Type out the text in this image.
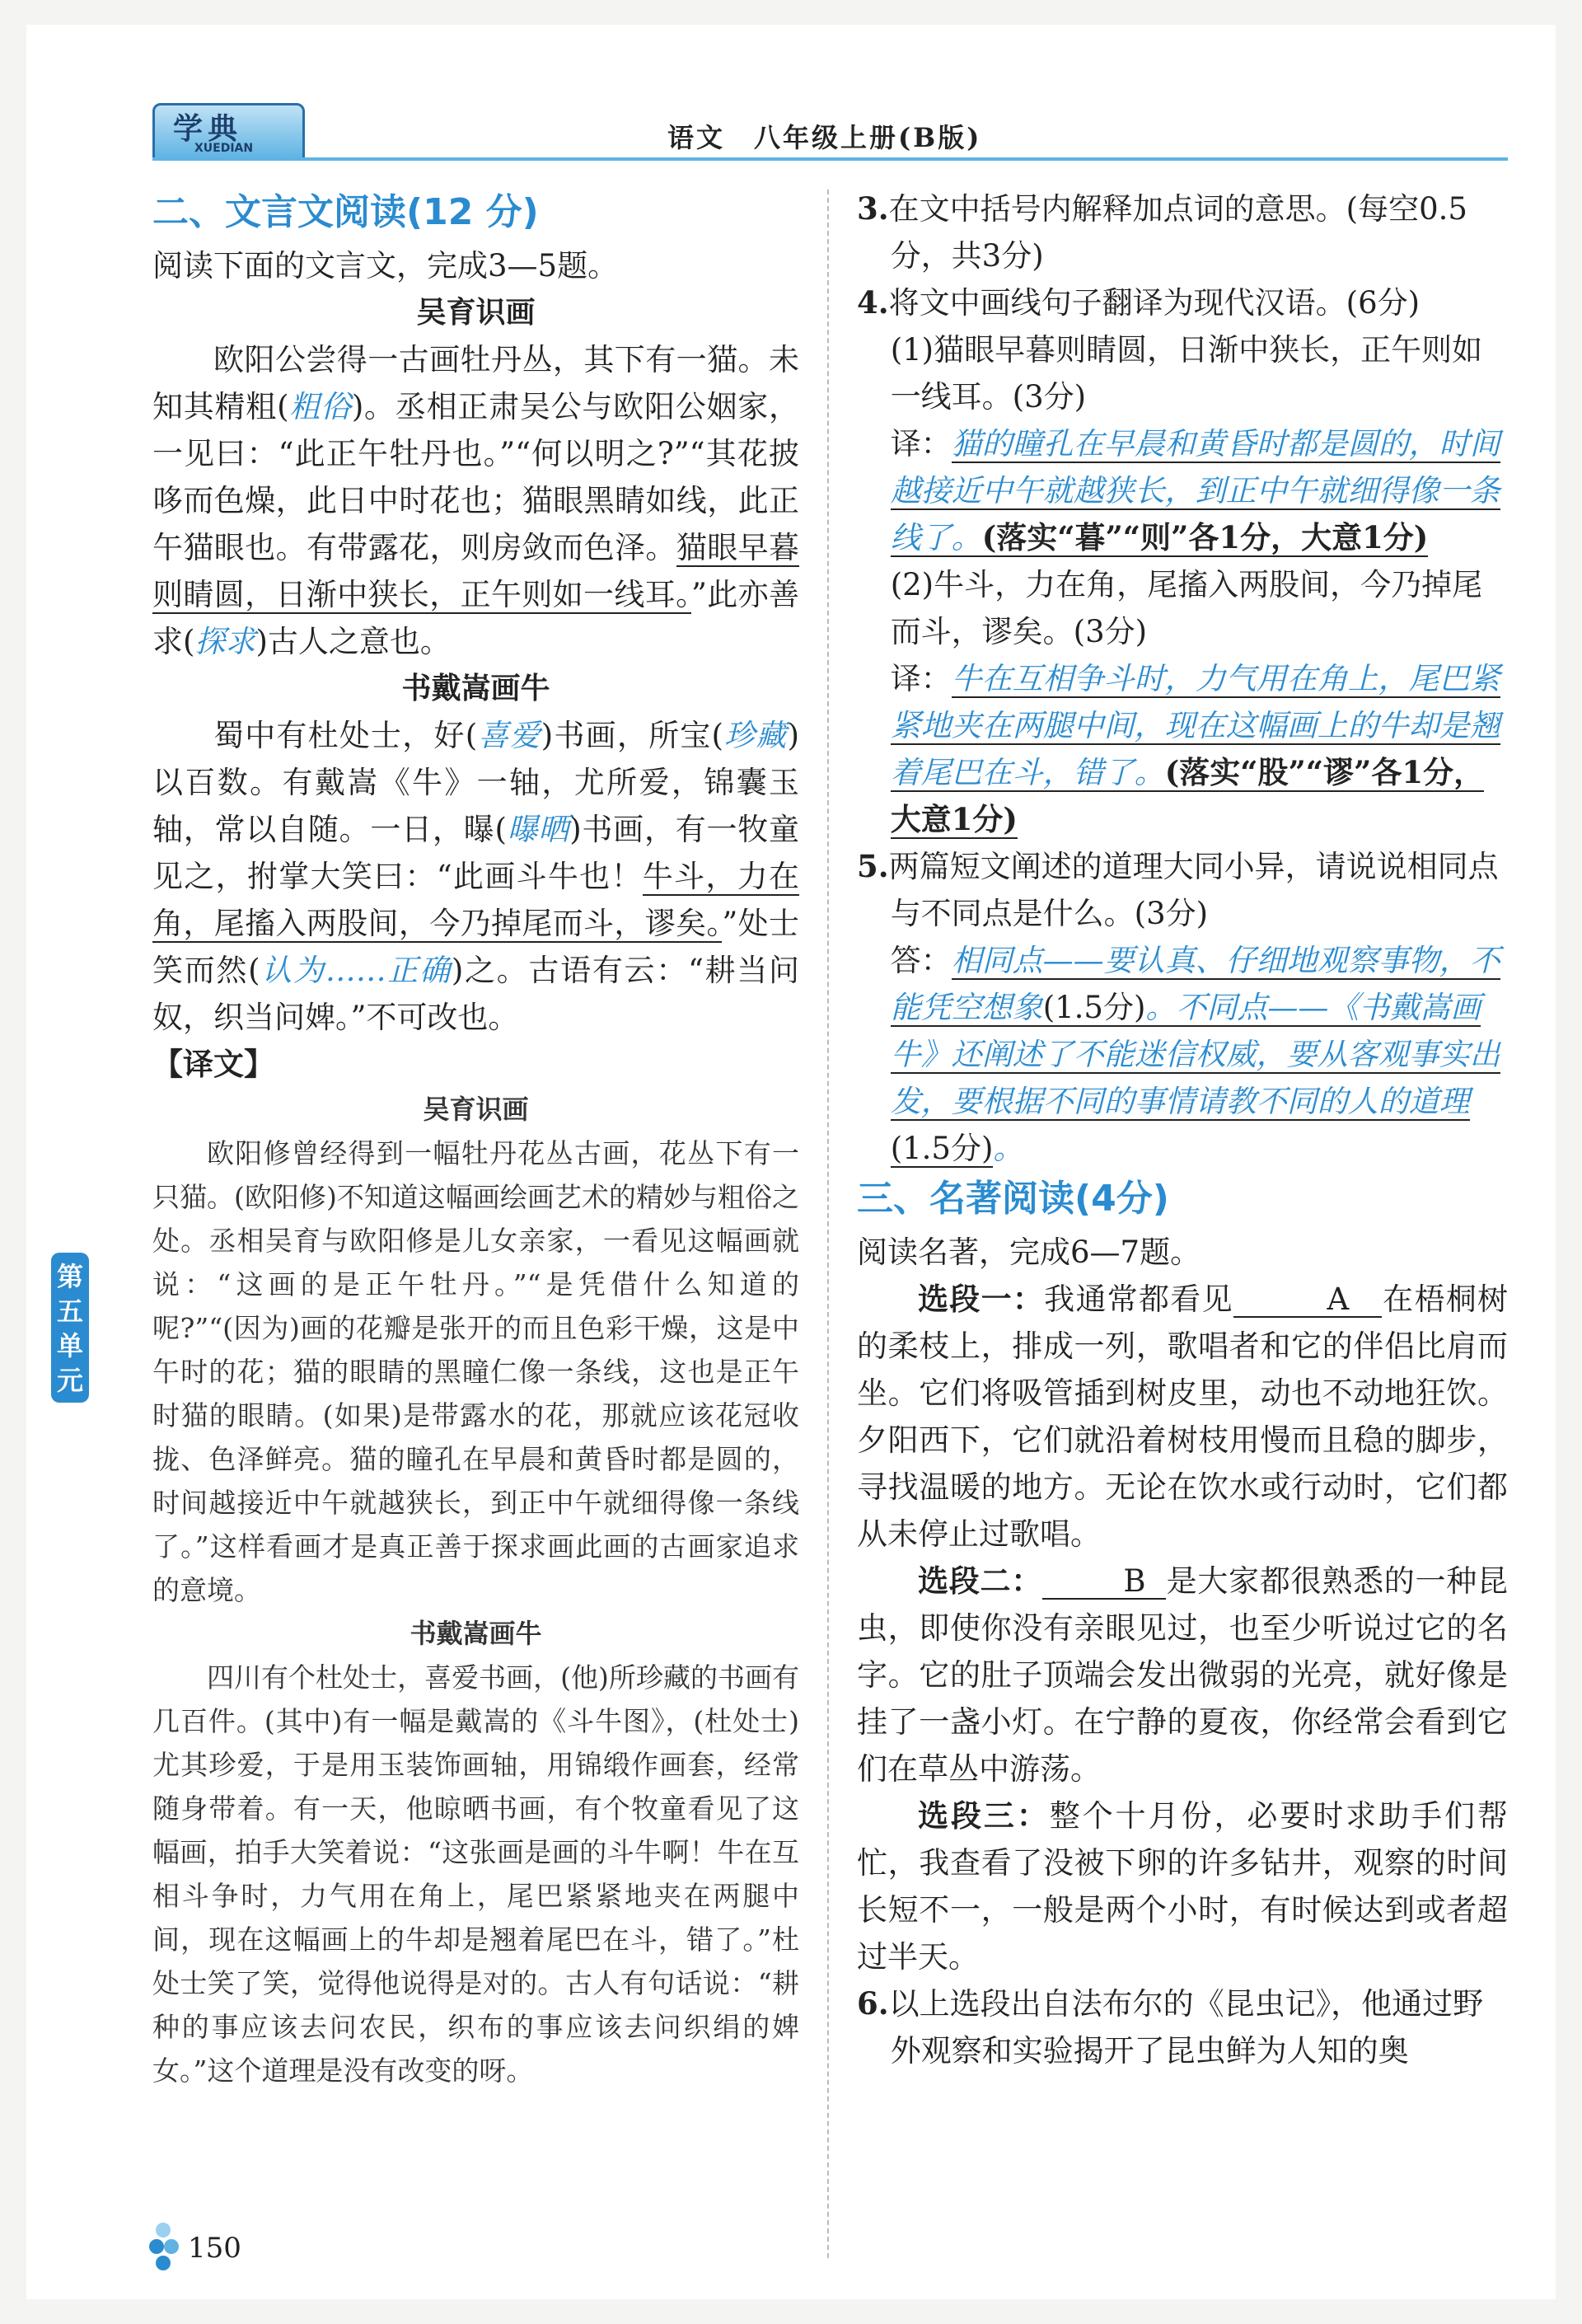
学典
XUEDIAN	语文　八年级上册(B版)
二、文言文阅读(12 分)

阅读下面的文言文，完成3—5题。

吴育识画

欧阳公尝得一古画牡丹丛，其下有一猫。未知其精粗(粗俗)。丞相正肃吴公与欧阳公姻家，一见曰：“此正午牡丹也。”“何以明之?”“其花披哆而色燥，此日中时花也；猫眼黑睛如线，此正午猫眼也。有带露花，则房敛而色泽。猫眼早暮则睛圆，日渐中狭长，正午则如一线耳。”此亦善求(探求)古人之意也。

书戴嵩画牛

蜀中有杜处士，好(喜爱)书画，所宝(珍藏)以百数。有戴嵩《牛》一轴，尤所爱，锦囊玉轴，常以自随。一日，曝(曝晒)书画，有一牧童见之，拊掌大笑曰：“此画斗牛也！牛斗，力在角，尾搐入两股间，今乃掉尾而斗，谬矣。”处士笑而然(认为……正确)之。古语有云：“耕当问奴，织当问婢。”不可改也。

【译文】

吴育识画

欧阳修曾经得到一幅牡丹花丛古画，花丛下有一只猫。(欧阳修)不知道这幅画绘画艺术的精妙与粗俗之处。丞相吴育与欧阳修是儿女亲家，一看见这幅画就说：“这画的是正午牡丹。”“是凭借什么知道的呢?”“(因为)画的花瓣是张开的而且色彩干燥，这是中午时的花；猫的眼睛的黑瞳仁像一条线，这也是正午时猫的眼睛。(如果)是带露水的花，那就应该花冠收拢、色泽鲜亮。猫的瞳孔在早晨和黄昏时都是圆的，时间越接近中午就越狭长，到正中午就细得像一条线了。”这样看画才是真正善于探求画此画的古画家追求的意境。

书戴嵩画牛

四川有个杜处士，喜爱书画，(他)所珍藏的书画有几百件。(其中)有一幅是戴嵩的《斗牛图》，(杜处士)尤其珍爱，于是用玉装饰画轴，用锦缎作画套，经常随身带着。有一天，他晾晒书画，有个牧童看见了这幅画，拍手大笑着说：“这张画是画的斗牛啊！牛在互相斗争时，力气用在角上，尾巴紧紧地夹在两腿中间，现在这幅画上的牛却是翘着尾巴在斗，错了。”杜处士笑了笑，觉得他说得是对的。古人有句话说：“耕种的事应该去问农民，织布的事应该去问织绢的婢女。”这个道理是没有改变的呀。

3.在文中括号内解释加点词的意思。(每空0.5分，共3分)

4.将文中画线句子翻译为现代汉语。(6分)

(1)猫眼早暮则睛圆，日渐中狭长，正午则如一线耳。(3分)

译：猫的瞳孔在早晨和黄昏时都是圆的，时间越接近中午就越狭长，到正中午就细得像一条线了。(落实“暮”“则”各1分，大意1分)

(2)牛斗，力在角，尾搐入两股间，今乃掉尾而斗，谬矣。(3分)

译：牛在互相争斗时，力气用在角上，尾巴紧紧地夹在两腿中间，现在这幅画上的牛却是翘着尾巴在斗，错了。(落实“股”“谬”各1分，大意1分)

5.两篇短文阐述的道理大同小异，请说说相同点与不同点是什么。(3分)

答：相同点——要认真、仔细地观察事物，不能凭空想象(1.5分)。不同点——《书戴嵩画牛》还阐述了不能迷信权威，要从客观事实出发，要根据不同的事情请教不同的人的道理(1.5分)。

三、名著阅读(4分)

阅读名著，完成6—7题。

选段一：我通常都看见	A 在梧桐树的柔枝上，排成一列，歌唱者和它的伴侣比肩而坐。它们将吸管插到树皮里，动也不动地狂饮。夕阳西下，它们就沿着树枝用慢而且稳的脚步，寻找温暖的地方。无论在饮水或行动时，它们都从未停止过歌唱。

选段二：	B 是大家都很熟悉的一种昆虫，即使你没有亲眼见过，也至少听说过它的名字。它的肚子顶端会发出微弱的光亮，就好像是挂了一盏小灯。在宁静的夏夜，你经常会看到它们在草丛中游荡。

选段三：整个十月份，必要时求助手们帮忙，我查看了没被下卵的许多钻井，观察的时间长短不一，一般是两个小时，有时候达到或者超过半天。

6.以上选段出自法布尔的《昆虫记》，他通过野外观察和实验揭开了昆虫鲜为人知的奥

第五单元
150
